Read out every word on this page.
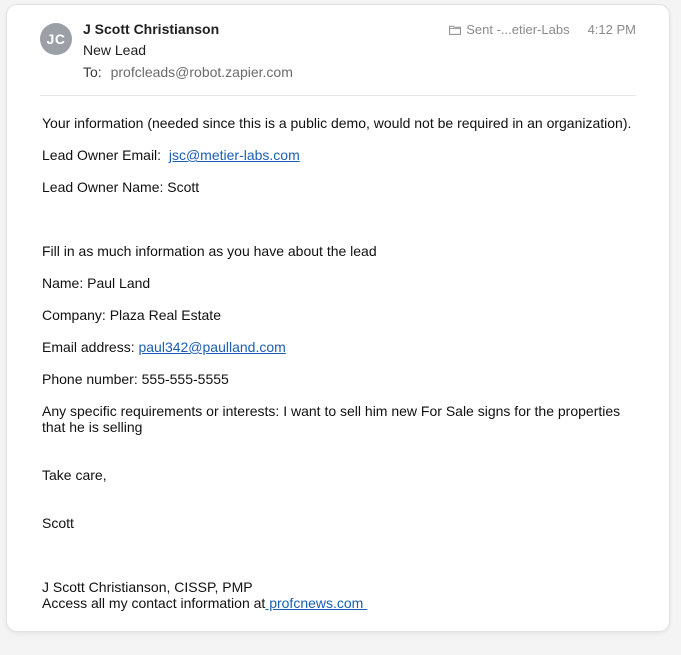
JC
J Scott Christianson
New Lead
To: profcleads@robot.zapier.com
Sent -...etier-Labs 4:12 PM

Your information (needed since this is a public demo, would not be required in an organization).

Lead Owner Email: jsc@metier-labs.com

Lead Owner Name: Scott

Fill in as much information as you have about the lead

Name: Paul Land

Company: Plaza Real Estate

Email address: paul342@paulland.com

Phone number: 555-555-5555

Any specific requirements or interests: I want to sell him new For Sale signs for the properties that he is selling

Take care,

Scott

J Scott Christianson, CISSP, PMP

Access all my contact information at profcnews.com
